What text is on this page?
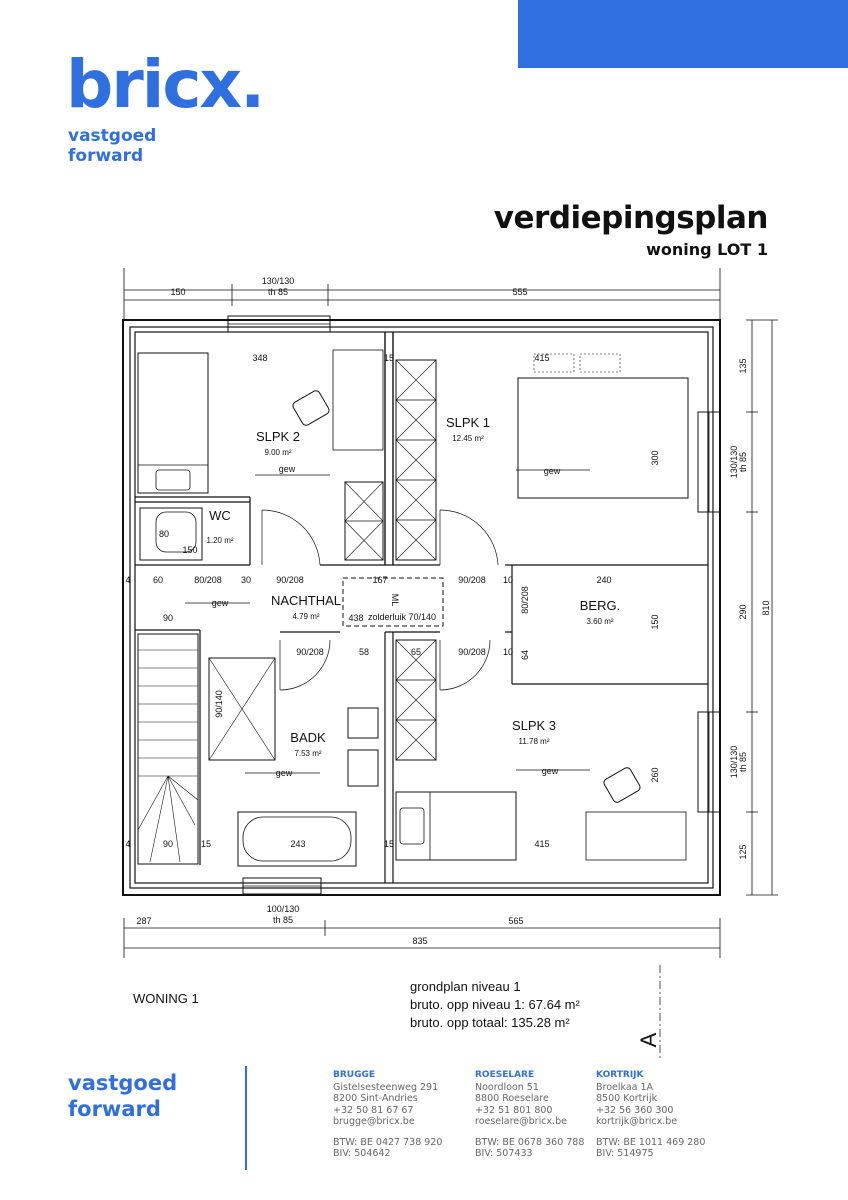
bricx.
vastgoed
forward
verdiepingsplan
woning LOT 1
150
130/130
th 85	555
100/130
th 85
287	565
835
348	15	415
415
243
4	90	15	15
4 60	80/208 30	90/208	167	90/208 10	240
90	438 zolderluik 70/140
90/208	58	65	90/208 10
80
150
gew	gew
gew
gew	gew
135
300
290
260
125
810
130/130 th 85
130/130 th 85
150
64
80/208
90/140
ML
A
SLPK 2
9.00 m²
SLPK 1
12.45 m²
WC
1.20 m²
NACHTHAL
4.79 m²
BERG.
3.60 m²
BADK
7.53 m²
SLPK 3
11.78 m²
WONING 1
grondplan niveau 1
bruto. opp niveau 1: 67.64 m²
bruto. opp totaal: 135.28 m²
vastgoed
forward
BRUGGE
Gistelsesteenweg 291
8200 Sint-Andries
+32 50 81 67 67
brugge@bricx.be
BTW: BE 0427 738 920
BIV: 504642
ROESELARE
Noordloon 51
8800 Roeselare
+32 51 801 800
roeselare@bricx.be
BTW: BE 0678 360 788
BIV: 507433
KORTRIJK
Broelkaa 1A
8500 Kortrijk
+32 56 360 300
kortrijk@bricx.be
BTW: BE 1011 469 280
BIV: 514975
